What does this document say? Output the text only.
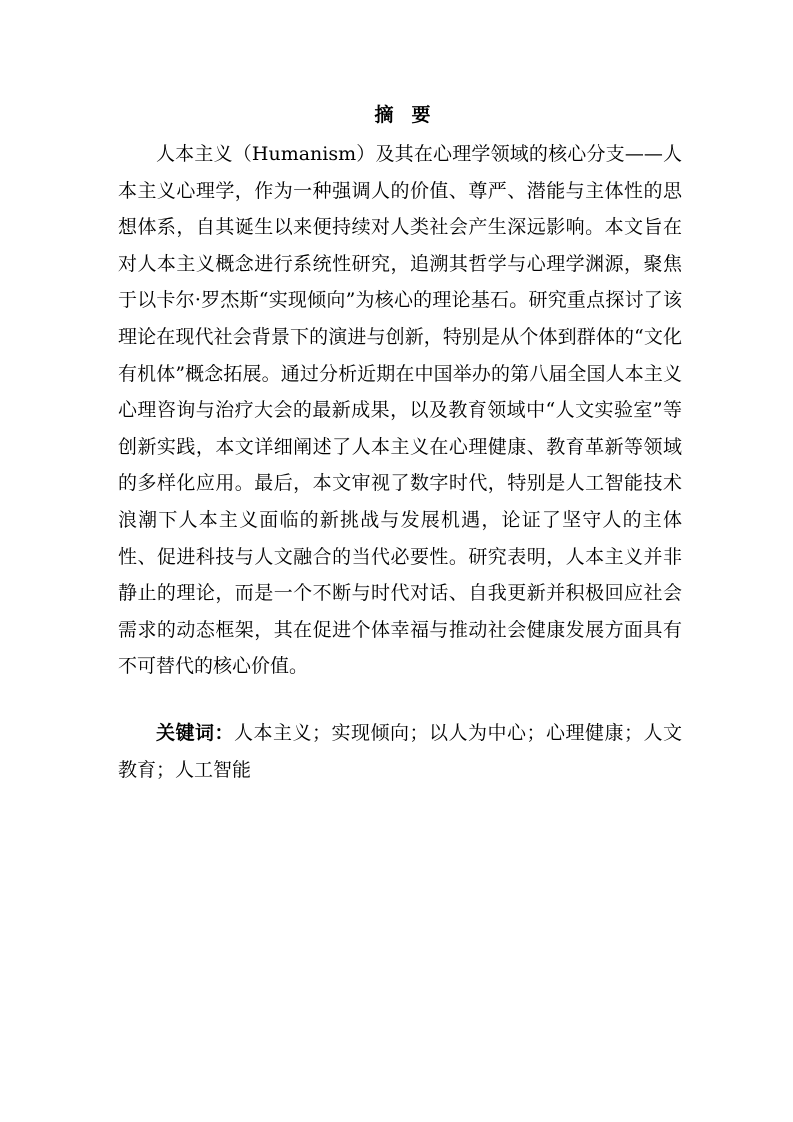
摘要

人本主义（Humanism）及其在心理学领域的核心分支——人本主义心理学，作为一种强调人的价值、尊严、潜能与主体性的思想体系，自其诞生以来便持续对人类社会产生深远影响。本文旨在对人本主义概念进行系统性研究，追溯其哲学与心理学渊源，聚焦于以卡尔·罗杰斯“实现倾向”为核心的理论基石。研究重点探讨了该理论在现代社会背景下的演进与创新，特别是从个体到群体的“文化有机体”概念拓展。通过分析近期在中国举办的第八届全国人本主义心理咨询与治疗大会的最新成果，以及教育领域中“人文实验室”等创新实践，本文详细阐述了人本主义在心理健康、教育革新等领域的多样化应用。最后，本文审视了数字时代，特别是人工智能技术浪潮下人本主义面临的新挑战与发展机遇，论证了坚守人的主体性、促进科技与人文融合的当代必要性。研究表明，人本主义并非静止的理论，而是一个不断与时代对话、自我更新并积极回应社会需求的动态框架，其在促进个体幸福与推动社会健康发展方面具有不可替代的核心价值。

关键词：人本主义；实现倾向；以人为中心；心理健康；人文教育；人工智能
